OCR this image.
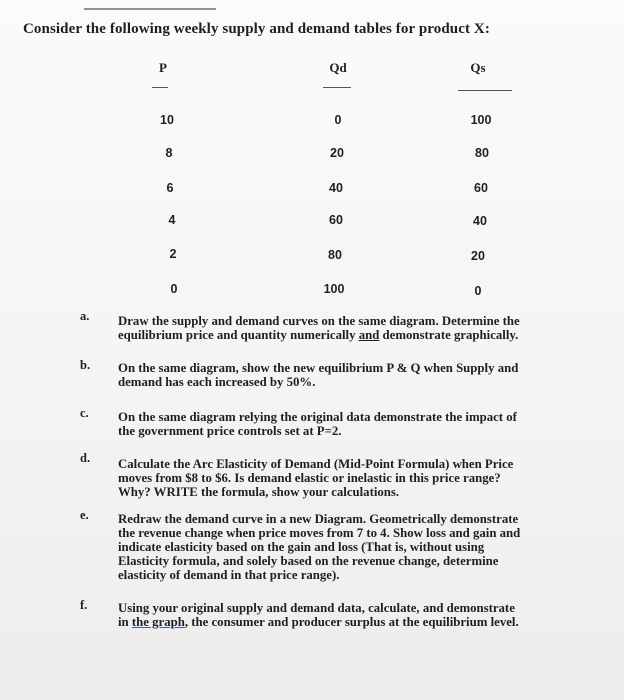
Consider the following weekly supply and demand tables for product X:
P	Qd	Qs
10	0	100
8	20	80
6	40	60
4	60	40
2	80	20
0	100	0
a.	Draw the supply and demand curves on the same diagram. Determine the equilibrium price and quantity numerically and demonstrate graphically.
b.	On the same diagram, show the new equilibrium P & Q when Supply and demand has each increased by 50%.
c.	On the same diagram relying the original data demonstrate the impact of the government price controls set at P=2.
d.	Calculate the Arc Elasticity of Demand (Mid-Point Formula) when Price moves from $8 to $6. Is demand elastic or inelastic in this price range? Why? WRITE the formula, show your calculations.
e.	Redraw the demand curve in a new Diagram. Geometrically demonstrate the revenue change when price moves from 7 to 4. Show loss and gain and indicate elasticity based on the gain and loss (That is, without using Elasticity formula, and solely based on the revenue change, determine elasticity of demand in that price range).
f.	Using your original supply and demand data, calculate, and demonstrate in the graph, the consumer and producer surplus at the equilibrium level.
